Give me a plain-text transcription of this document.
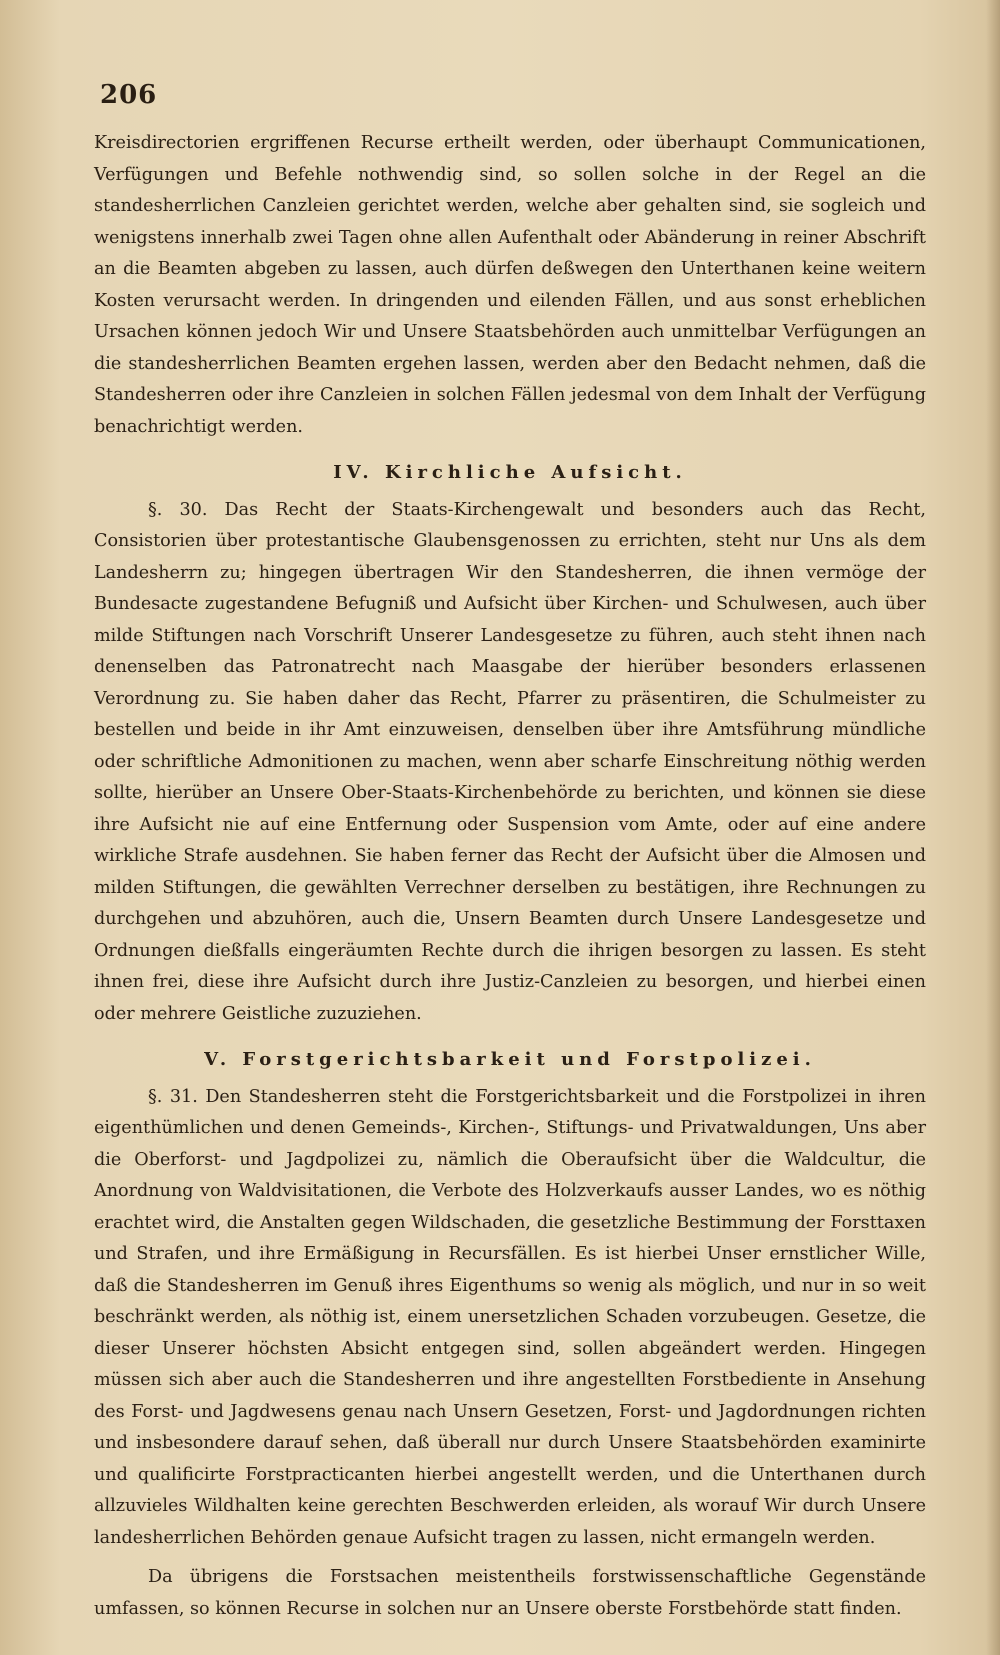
206

Kreisdirectorien ergriffenen Recurse ertheilt werden, oder überhaupt Communicationen, Verfügungen und Befehle nothwendig sind, so sollen solche in der Regel an die standesherrlichen Canzleien gerichtet werden, welche aber gehalten sind, sie sogleich und wenigstens innerhalb zwei Tagen ohne allen Aufenthalt oder Abänderung in reiner Abschrift an die Beamten abgeben zu lassen, auch dürfen deßwegen den Unterthanen keine weitern Kosten verursacht werden. In dringenden und eilenden Fällen, und aus sonst erheblichen Ursachen können jedoch Wir und Unsere Staatsbehörden auch unmittelbar Verfügungen an die standesherrlichen Beamten ergehen lassen, werden aber den Bedacht nehmen, daß die Standesherren oder ihre Canzleien in solchen Fällen jedesmal von dem Inhalt der Verfügung benachrichtigt werden.

IV. Kirchliche Aufsicht.

§. 30. Das Recht der Staats-Kirchengewalt und besonders auch das Recht, Consistorien über protestantische Glaubensgenossen zu errichten, steht nur Uns als dem Landesherrn zu; hingegen übertragen Wir den Standesherren, die ihnen vermöge der Bundesacte zugestandene Befugniß und Aufsicht über Kirchen- und Schulwesen, auch über milde Stiftungen nach Vorschrift Unserer Landesgesetze zu führen, auch steht ihnen nach denenselben das Patronatrecht nach Maasgabe der hierüber besonders erlassenen Verordnung zu. Sie haben daher das Recht, Pfarrer zu präsentiren, die Schulmeister zu bestellen und beide in ihr Amt einzuweisen, denselben über ihre Amtsführung mündliche oder schriftliche Admonitionen zu machen, wenn aber scharfe Einschreitung nöthig werden sollte, hierüber an Unsere Ober-Staats-Kirchenbehörde zu berichten, und können sie diese ihre Aufsicht nie auf eine Entfernung oder Suspension vom Amte, oder auf eine andere wirkliche Strafe ausdehnen. Sie haben ferner das Recht der Aufsicht über die Almosen und milden Stiftungen, die gewählten Verrechner derselben zu bestätigen, ihre Rechnungen zu durchgehen und abzuhören, auch die, Unsern Beamten durch Unsere Landesgesetze und Ordnungen dießfalls eingeräumten Rechte durch die ihrigen besorgen zu lassen. Es steht ihnen frei, diese ihre Aufsicht durch ihre Justiz-Canzleien zu besorgen, und hierbei einen oder mehrere Geistliche zuzuziehen.

V. Forstgerichtsbarkeit und Forstpolizei.

§. 31. Den Standesherren steht die Forstgerichtsbarkeit und die Forstpolizei in ihren eigenthümlichen und denen Gemeinds-, Kirchen-, Stiftungs- und Privatwaldungen, Uns aber die Oberforst- und Jagdpolizei zu, nämlich die Oberaufsicht über die Waldcultur, die Anordnung von Waldvisitationen, die Verbote des Holzverkaufs ausser Landes, wo es nöthig erachtet wird, die Anstalten gegen Wildschaden, die gesetzliche Bestimmung der Forsttaxen und Strafen, und ihre Ermäßigung in Recursfällen. Es ist hierbei Unser ernstlicher Wille, daß die Standesherren im Genuß ihres Eigenthums so wenig als möglich, und nur in so weit beschränkt werden, als nöthig ist, einem unersetzlichen Schaden vorzubeugen. Gesetze, die dieser Unserer höchsten Absicht entgegen sind, sollen abgeändert werden. Hingegen müssen sich aber auch die Standesherren und ihre angestellten Forstbediente in Ansehung des Forst- und Jagdwesens genau nach Unsern Gesetzen, Forst- und Jagdordnungen richten und insbesondere darauf sehen, daß überall nur durch Unsere Staatsbehörden examinirte und qualificirte Forstpracticanten hierbei angestellt werden, und die Unterthanen durch allzuvieles Wildhalten keine gerechten Beschwerden erleiden, als worauf Wir durch Unsere landesherrlichen Behörden genaue Aufsicht tragen zu lassen, nicht ermangeln werden.

Da übrigens die Forstsachen meistentheils forstwissenschaftliche Gegenstände umfassen, so können Recurse in solchen nur an Unsere oberste Forstbehörde statt finden.
